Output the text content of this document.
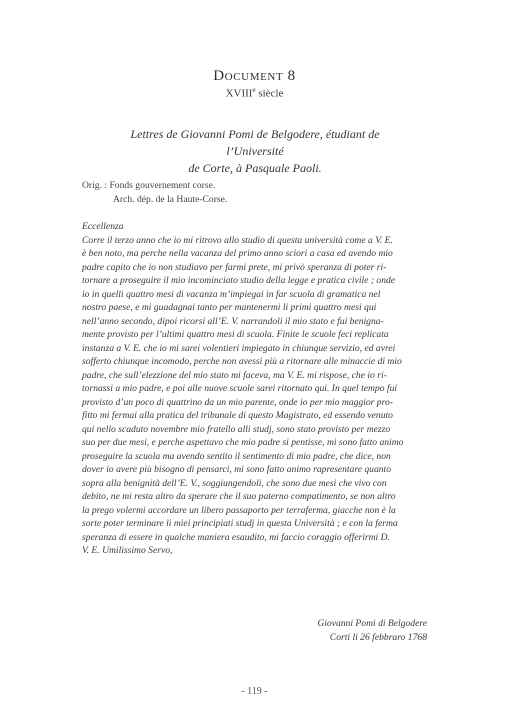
Document 8
XVIIIe siècle
Lettres de Giovanni Pomi de Belgodere, étudiant de l’Université
de Corte, à Pasquale Paoli.
Orig. : Fonds gouvernement corse.
Arch. dép. de la Haute-Corse.
Eccellenza
Corre il terzo anno che io mi ritrovo allo studio di questa università come a V. E.
è ben noto, ma perche nella vacanza del primo anno sciori a casa ed avendo mio
padre capito che io non studiavo per farmi prete, mi privò speranza di poter ri-
tornare a proseguire il mio incominciato studio della legge e pratica civile ; onde
io in quelli quattro mesi di vacanza m’impiegai in far scuola di gramatica nel
nostro paese, e mi guadagnai tanto per mantenermi li primi quattro mesi qui
nell’anno secondo, dipoi ricorsi all’E. V. narrandoli il mio stato e fui benigna-
mente provisto per l’ultimi quattro mesi di scuola. Finite le scuole feci replicata
instanza a V. E. che io mi sarei volentieri impiegato in chiunque servizio, ed avrei
sofferto chiunque incomodo, perche non avessi più a ritornare alle minaccie di mio
padre, che sull’elezzione del mio stato mi faceva, ma V. E. mi rispose, che io ri-
tornassi a mio padre, e poi alle nuove scuole sarei ritornato qui. In quel tempo fui
provisto d’un poco di quattrino da un mio parente, onde io per mio maggior pro-
fitto mi fermai alla pratica del tribunale di questo Magistrato, ed essendo venuto
qui nello scaduto novembre mio fratello alli studj, sono stato provisto per mezzo
suo per due mesi, e perche aspettavo che mio padre si pentisse, mi sono fatto animo
proseguire la scuola ma avendo sentito il sentimento di mio padre, che dice, non
dover io avere più bisogno di pensarci, mi sono fatto animo rapresentare quanto
sopra alla benignità dell’E. V., soggiungendoli, che sono due mesi che vivo con
debito, ne mi resta altro da sperare che il suo paterno compatimento, se non altro
la prego volermi accordare un libero passaporto per terraferma, giacche non è la
sorte poter terminare li miei principiati studj in questa Università ; e con la ferma
speranza di essere in qualche maniera esaudito, mi faccio coraggio offerirmi D.
V. E. Umilissimo Servo,
Giovanni Pomi di Belgodere
Corti li 26 febbraro 1768
- 119 -
